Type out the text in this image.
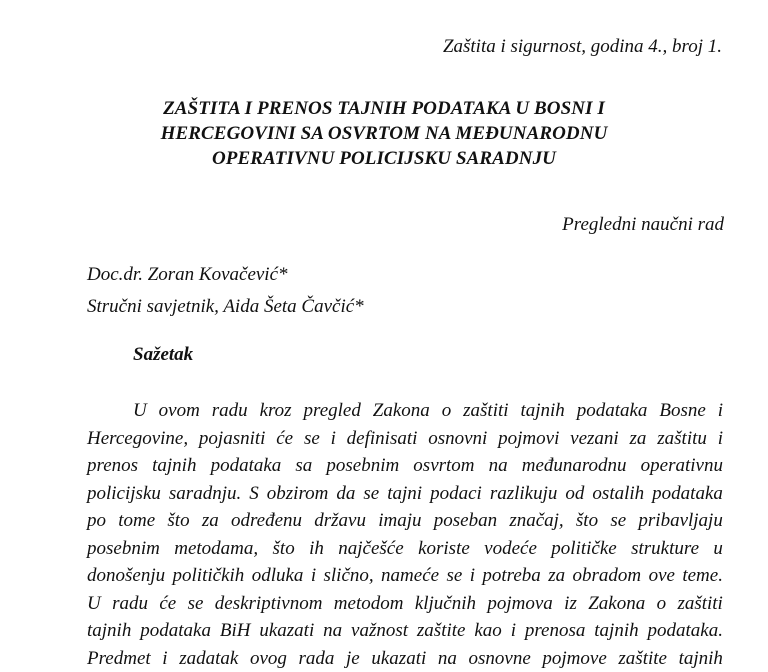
Zaštita i sigurnost, godina 4., broj 1.
ZAŠTITA I PRENOS TAJNIH PODATAKA U BOSNI I
HERCEGOVINI SA OSVRTOM NA MEĐUNARODNU
OPERATIVNU POLICIJSKU SARADNJU
Pregledni naučni rad
Doc.dr. Zoran Kovačević*
Stručni savjetnik, Aida Šeta Čavčić*
Sažetak
U ovom radu kroz pregled Zakona o zaštiti tajnih podataka Bosne i
Hercegovine, pojasniti će se i definisati osnovni pojmovi vezani za zaštitu i
prenos tajnih podataka sa posebnim osvrtom na međunarodnu operativnu
policijsku saradnju. S obzirom da se tajni podaci razlikuju od ostalih podataka
po tome što za određenu državu imaju poseban značaj, što se pribavljaju
posebnim metodama, što ih najčešće koriste vodeće političke strukture u
donošenju političkih odluka i slično, nameće se i potreba za obradom ove teme.
U radu će se deskriptivnom metodom ključnih pojmova iz Zakona o zaštiti
tajnih podataka BiH ukazati na važnost zaštite kao i prenosa tajnih podataka.
Predmet i zadatak ovog rada je ukazati na osnovne pojmove zaštite tajnih
